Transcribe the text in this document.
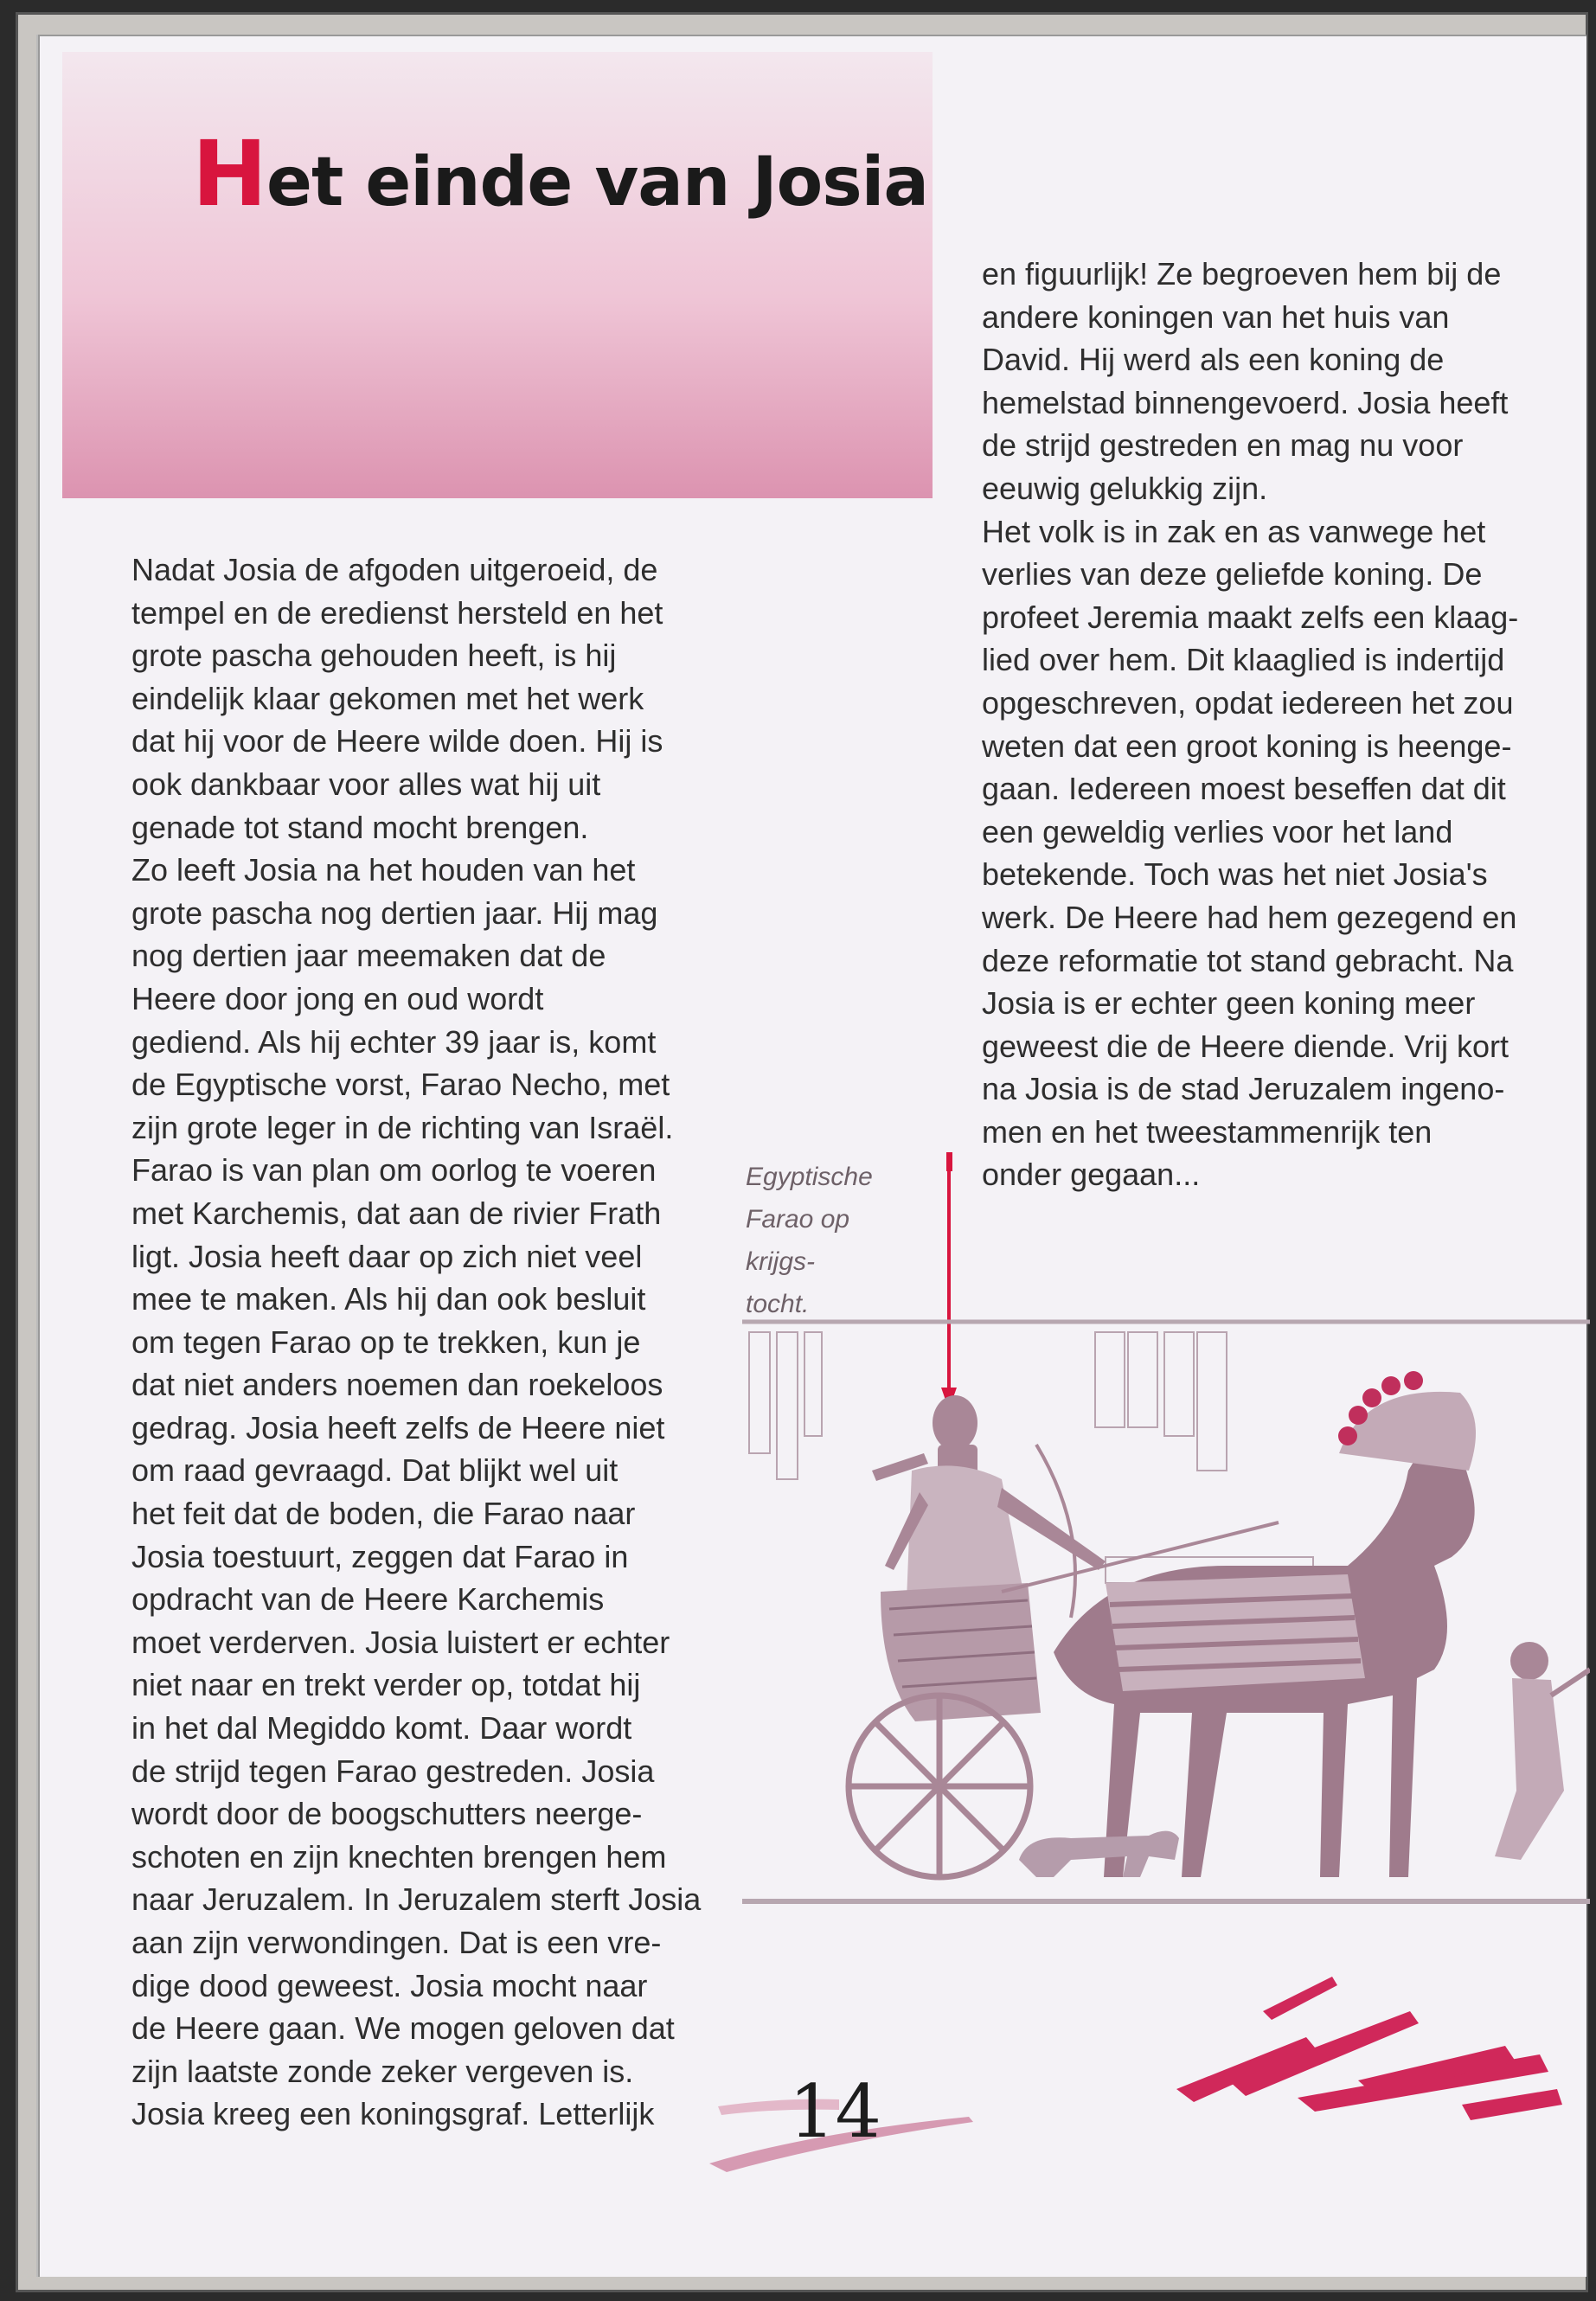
Het einde van Josia

Nadat Josia de afgoden uitgeroeid, de

tempel en de eredienst hersteld en het

grote pascha gehouden heeft, is hij

eindelijk klaar gekomen met het werk

dat hij voor de Heere wilde doen. Hij is

ook dankbaar voor alles wat hij uit

genade tot stand mocht brengen.

Zo leeft Josia na het houden van het

grote pascha nog dertien jaar. Hij mag

nog dertien jaar meemaken dat de

Heere door jong en oud wordt

gediend. Als hij echter 39 jaar is, komt

de Egyptische vorst, Farao Necho, met

zijn grote leger in de richting van Israël.

Farao is van plan om oorlog te voeren

met Karchemis, dat aan de rivier Frath

ligt. Josia heeft daar op zich niet veel

mee te maken. Als hij dan ook besluit

om tegen Farao op te trekken, kun je

dat niet anders noemen dan roekeloos

gedrag. Josia heeft zelfs de Heere niet

om raad gevraagd. Dat blijkt wel uit

het feit dat de boden, die Farao naar

Josia toestuurt, zeggen dat Farao in

opdracht van de Heere Karchemis

moet verderven. Josia luistert er echter

niet naar en trekt verder op, totdat hij

in het dal Megiddo komt. Daar wordt

de strijd tegen Farao gestreden. Josia

wordt door de boogschutters neerge-

schoten en zijn knechten brengen hem

naar Jeruzalem. In Jeruzalem sterft Josia

aan zijn verwondingen. Dat is een vre-

dige dood geweest. Josia mocht naar

de Heere gaan. We mogen geloven dat

zijn laatste zonde zeker vergeven is.

Josia kreeg een koningsgraf. Letterlijk

en figuurlijk! Ze begroeven hem bij de

andere koningen van het huis van

David. Hij werd als een koning de

hemelstad binnengevoerd. Josia heeft

de strijd gestreden en mag nu voor

eeuwig gelukkig zijn.

Het volk is in zak en as vanwege het

verlies van deze geliefde koning. De

profeet Jeremia maakt zelfs een klaag-

lied over hem. Dit klaaglied is indertijd

opgeschreven, opdat iedereen het zou

weten dat een groot koning is heenge-

gaan. Iedereen moest beseffen dat dit

een geweldig verlies voor het land

betekende. Toch was het niet Josia's

werk. De Heere had hem gezegend en

deze reformatie tot stand gebracht. Na

Josia is er echter geen koning meer

geweest die de Heere diende. Vrij kort

na Josia is de stad Jeruzalem ingeno-

men en het tweestammenrijk ten

onder gegaan...

Egyptische

Farao op krijgs-

tocht.

14
